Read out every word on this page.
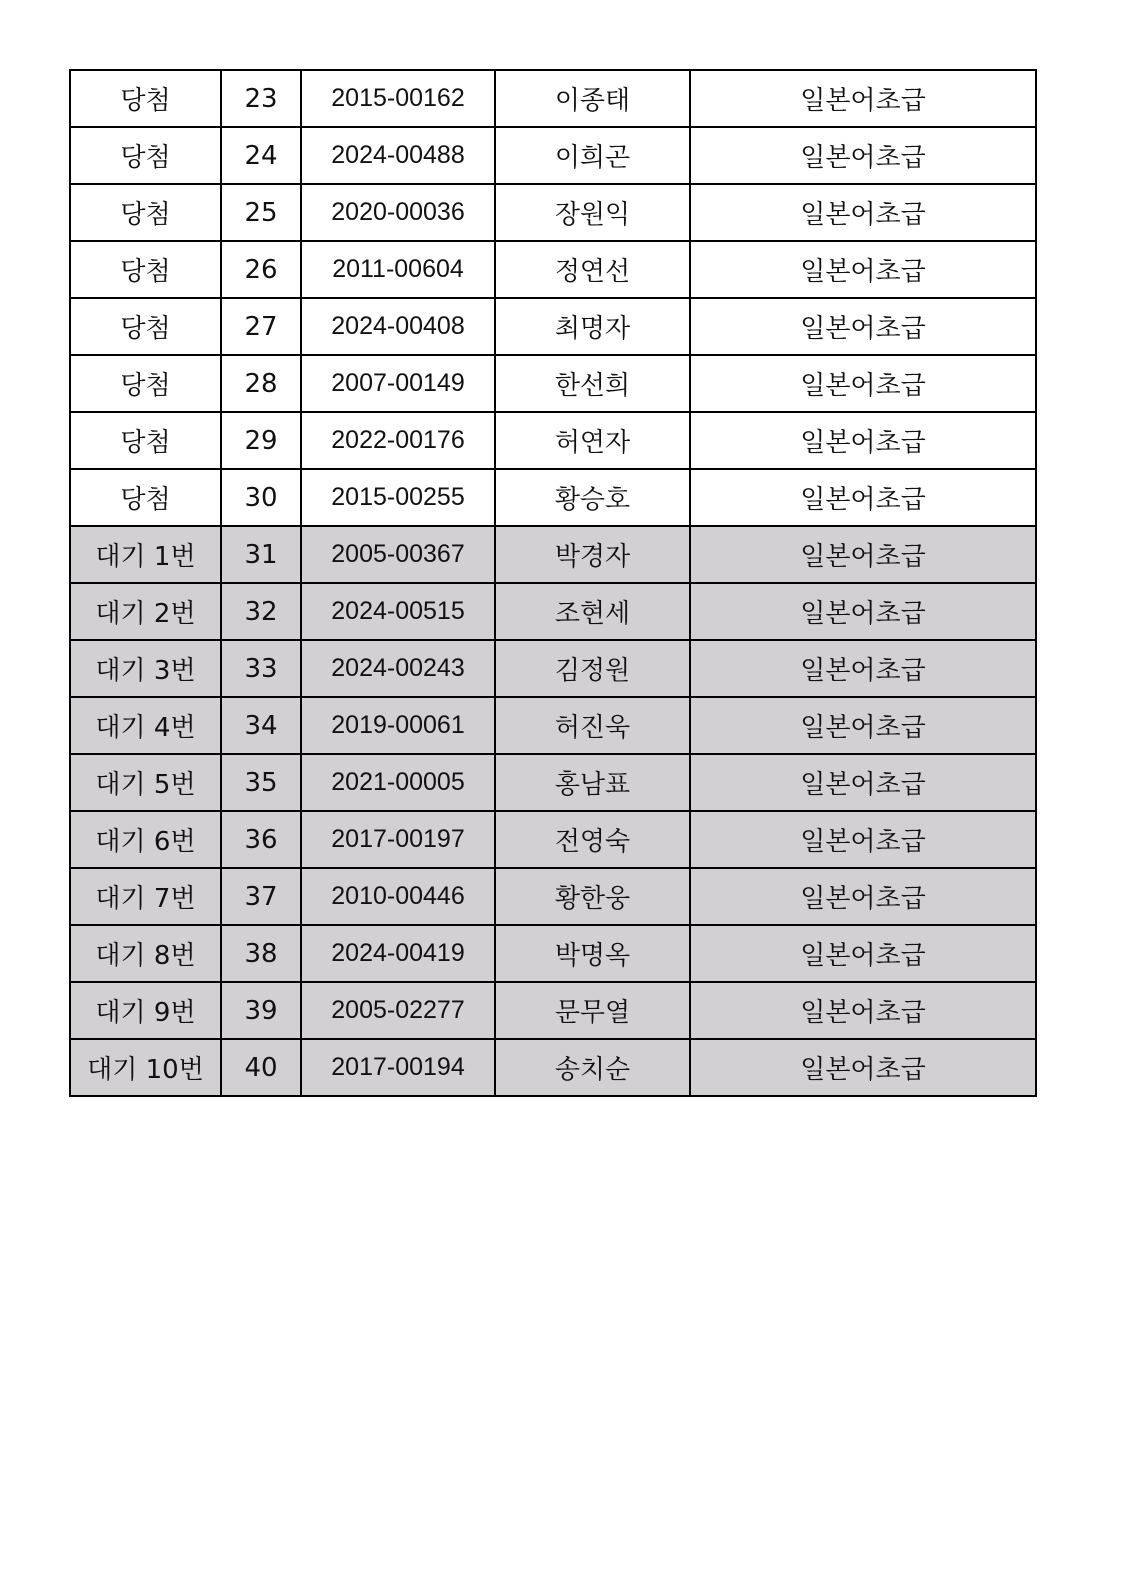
당첨	23	2015-00162	이종태	일본어초급
당첨	24	2024-00488	이희곤	일본어초급
당첨	25	2020-00036	장원익	일본어초급
당첨	26	2011-00604	정연선	일본어초급
당첨	27	2024-00408	최명자	일본어초급
당첨	28	2007-00149	한선희	일본어초급
당첨	29	2022-00176	허연자	일본어초급
당첨	30	2015-00255	황승호	일본어초급
대기 1번	31	2005-00367	박경자	일본어초급
대기 2번	32	2024-00515	조현세	일본어초급
대기 3번	33	2024-00243	김정원	일본어초급
대기 4번	34	2019-00061	허진욱	일본어초급
대기 5번	35	2021-00005	홍남표	일본어초급
대기 6번	36	2017-00197	전영숙	일본어초급
대기 7번	37	2010-00446	황한웅	일본어초급
대기 8번	38	2024-00419	박명옥	일본어초급
대기 9번	39	2005-02277	문무열	일본어초급
대기 10번	40	2017-00194	송치순	일본어초급
